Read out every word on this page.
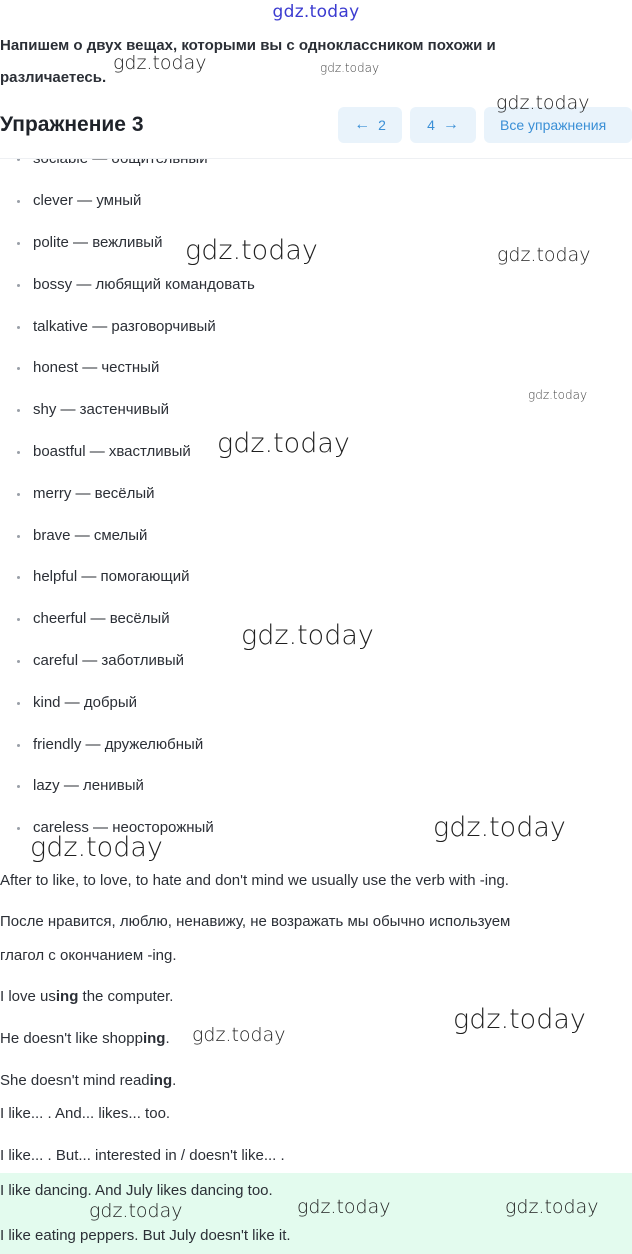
gdz.today
Напишем о двух вещах, которыми вы с одноклассником похожи и
различаетесь.
clever — умный
polite — вежливый
bossy — любящий командовать
talkative — разговорчивый
honest — честный
shy — застенчивый
boastful — хвастливый
merry — весёлый
brave — смелый
helpful — помогающий
cheerful — весёлый
careful — заботливый
kind — добрый
friendly — дружелюбный
lazy — ленивый
careless — неосторожный
Упражнение 3	← 2	4 →	Все упражнения
After to like, to love, to hate and don't mind we usually use the verb with -ing.
После нравится, люблю, ненавижу, не возражать мы обычно используем
глагол с окончанием -ing.
I love using the computer.
He doesn't like shopping.
She doesn't mind reading.
I like... . And... likes... too.
I like... . But... interested in / doesn't like... .
I like dancing. And July likes dancing too.
I like eating peppers. But July doesn't like it.
gdz.today	gdz.today
gdz.today
gdz.today	gdz.today
gdz.today
gdz.today
gdz.today
gdz.today
gdz.today
gdz.today	gdz.today
gdz.today	gdz.today	gdz.today
